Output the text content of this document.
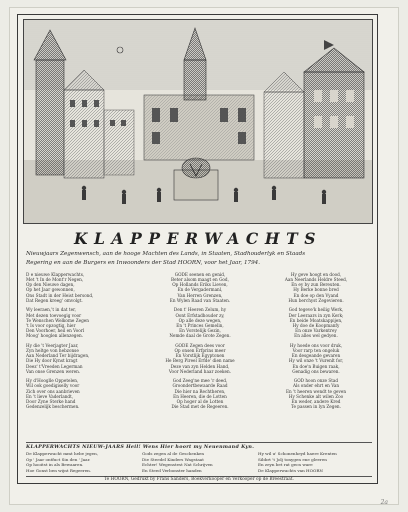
KLAPPERWACHTS
Nieuwjaars Zegenwensch, aan de hooge Machten des Lands, in Staaten, Stadhouderlyk en Staads
Regering en aan de Burgers en Inwoonders der Stad HOORN, voor het Jaar, 1794.
D e nieuwe Klapperwachts,
Met 't In de Mont'r Negen,
Op den Nieuwe dagen,
Op het Jaar gewonnen,
Ons Stadt in der Heist bersond,
Dat Regen kreeg' omvolgt.
Wy leeraen,'t in dat ter,
Met dezen toevoegig voor
Te Wenschen Welkome Zegen
't Is voor opzogtig, hier
Den Voorhoer, heil en Voorl
Moog' hooglen allenzegen.
Hy die 't Veerjagter Jaar,
Zyn heltge von hebzonse
Aan Nederland Ter bijdragen,
Die Hy door Kynst kragt
Deez' t'Vreeden Legerman
Van onse Grenzen weren.
Hy d'Hooglle Oppetelen,
Wil ook goedigiselly voor
Zich over ons aanbrieven
En 't lieve Vaderlandt,
Door Zyne Sterke hand
Gedenzelijk beschermen.
GODE seenen en genid,
Beter alsom maagt en God,
Op Hollands Eriks Lieven,
En de Vergadermanl,
Van Herren Grenzen,
En Wylen Raad van Staaten.
Den t' Heeren Zelum, hy
Oont Erfstadhouder zy,
Op alle deze wegen,
En 't Princes Gemelin,
En Vorstelijk Gezin,
Nemde daal de Grote Zegen.
GODE Zegen dees voor
Op onsen Erfprins meer
En Vorstlijk Egyptonen
He Berg Pireel Erfde' dien name
Deze van zyn Helden Hand,
Voor Nederland haar zoeken.
God Zeeg'ne mee 'r deed,
Groondertbewaarde Raad
Die hier na Rechtheren,
En Heeren, die de Lotten
Op hoger al de Lotten
Die Stad met de Regeeren.
Hy geve hoogt en dood,
Aan Neerlands Heldre Steed,
En ey by zun Bereuten.
Hy Berke bonne bred
En doe op den Vyand
Hun berchyst Zegevieren.
God tegeve'k heilig Werk,
Der Leeraars in zyn Kerk;
En beide Moatskappijen,
Hy doe de Koopmanfy
En onze Varkentrey
En alles wel gedyen.
Hy hoede ons voor druk,
Voor rarp ten ongeluk
En desgeande gevaren
Hy wil onze 't Vurenlt for,
En doe'n Buigen raak,
Genadig ons bewaren.
GOD hoon onze Stad
Als onder ehrt en Van
En 't heeren wendt te geven
Hy Schenke alt wilen Zoo
En weder, andere Kred
Te passen in lyn Zegen.
KLAPPERWACHTS NIEUW-JAARS Heil! Wens Hier hoort my Neuenmand Kyn.
De Klapperwacht mmt hebe jegen,
Op ' Jaar ontfuct Sin den ' Jaar.
Op hooitst in als Bewaaren.
Hoe Gonst ben wijnt Regeeren.
Gods zegen al de Geschenken
Die Steedel Kinders Wagstaat
Echter! Wegenstest Nat Schrijven
En Steed Verbonster handen
Hy wil u' Schonenheyd haere Krenten
Sibbrt 't Jolj tonygen ene gleeren
En zeyn bet rat gecn ware
De Klapperwachts van HOORN
Te HOORN, Gedrukt by Frans Sanders, Boekverkooper en Verkooper op de Breestraat.
2a
